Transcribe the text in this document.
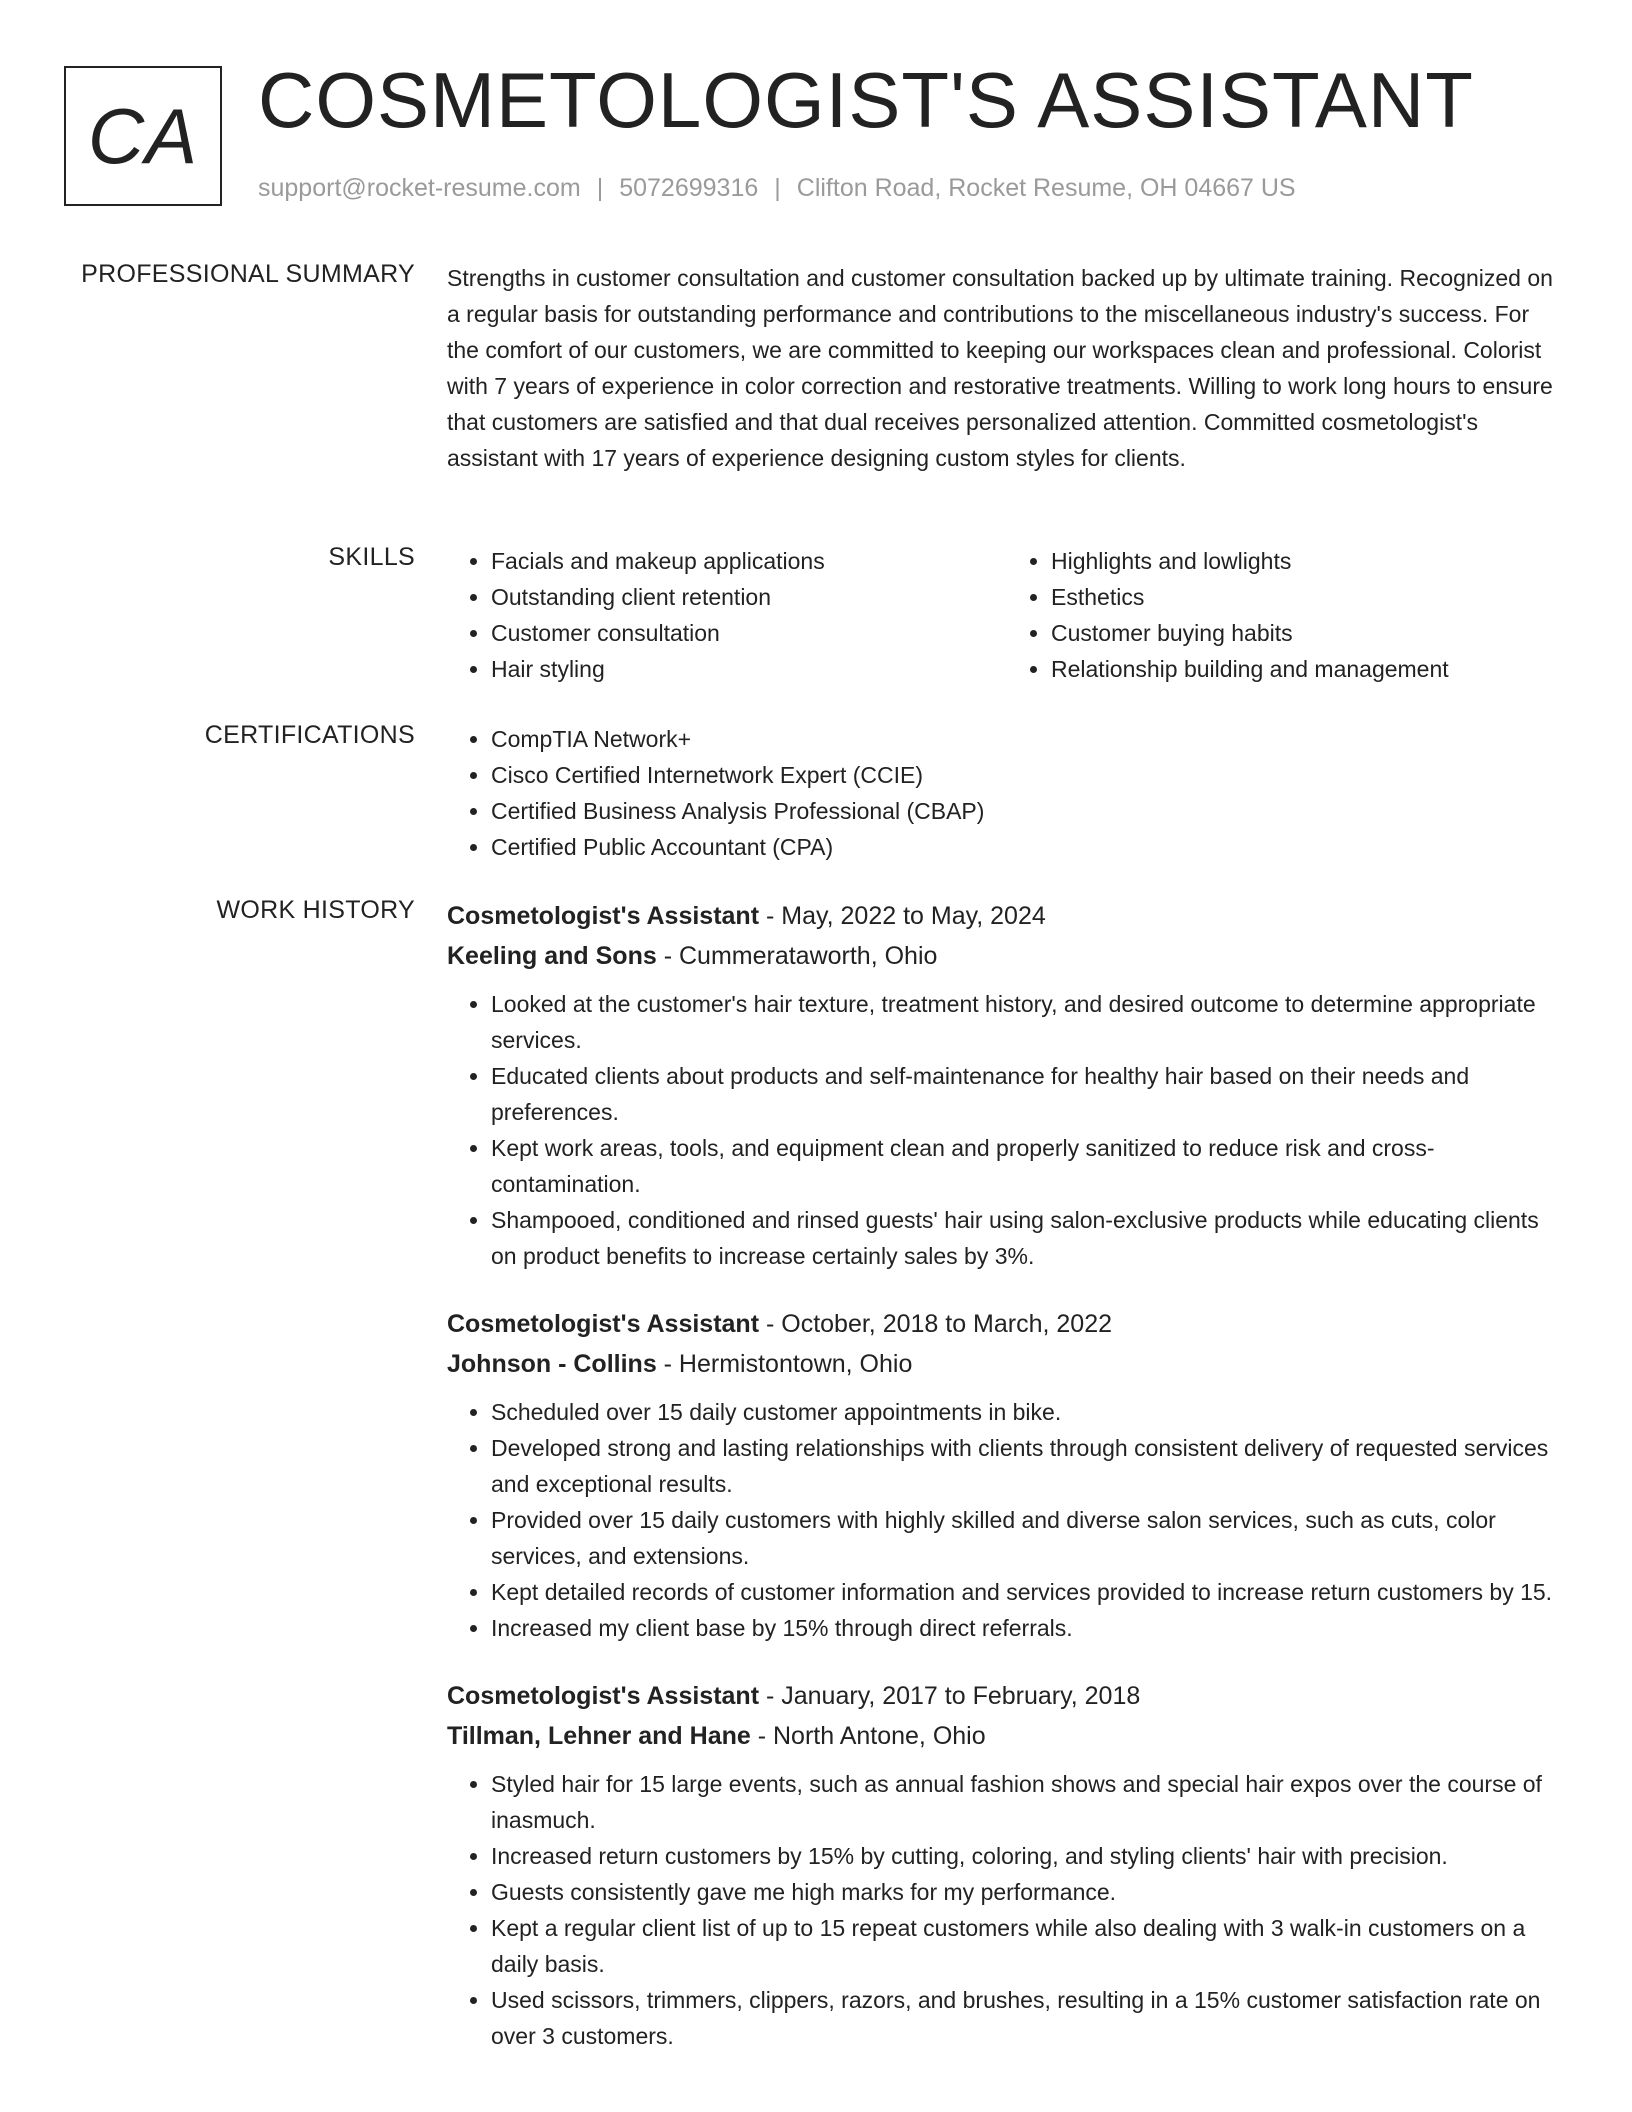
CA COSMETOLOGIST'S ASSISTANT
support@rocket-resume.com | 5072699316 | Clifton Road, Rocket Resume, OH 04667 US
PROFESSIONAL SUMMARY Strengths in customer consultation and customer consultation backed up by ultimate training. Recognized on a regular basis for outstanding performance and contributions to the miscellaneous industry's success. For the comfort of our customers, we are committed to keeping our workspaces clean and professional. Colorist with 7 years of experience in color correction and restorative treatments. Willing to work long hours to ensure that customers are satisfied and that dual receives personalized attention. Committed cosmetologist's assistant with 17 years of experience designing custom styles for clients.

SKILLS	• Facials and makeup applications
• Outstanding client retention
• Customer consultation
• Hair styling
• Highlights and lowlights
• Esthetics
• Customer buying habits
• Relationship building and management
CERTIFICATIONS	• CompTIA Network+
• Cisco Certified Internetwork Expert (CCIE)
• Certified Business Analysis Professional (CBAP)
• Certified Public Accountant (CPA)
WORK HISTORY Cosmetologist's Assistant - May, 2022 to May, 2024
Keeling and Sons - Cummerataworth, Ohio
• Looked at the customer's hair texture, treatment history, and desired outcome to determine appropriate services.
• Educated clients about products and self-maintenance for healthy hair based on their needs and preferences.
• Kept work areas, tools, and equipment clean and properly sanitized to reduce risk and cross-contamination.
• Shampooed, conditioned and rinsed guests' hair using salon-exclusive products while educating clients on product benefits to increase certainly sales by 3%.
Cosmetologist's Assistant - October, 2018 to March, 2022
Johnson - Collins - Hermistontown, Ohio
• Scheduled over 15 daily customer appointments in bike.
• Developed strong and lasting relationships with clients through consistent delivery of requested services and exceptional results.
• Provided over 15 daily customers with highly skilled and diverse salon services, such as cuts, color services, and extensions.
• Kept detailed records of customer information and services provided to increase return customers by 15.
• Increased my client base by 15% through direct referrals.
Cosmetologist's Assistant - January, 2017 to February, 2018
Tillman, Lehner and Hane - North Antone, Ohio
• Styled hair for 15 large events, such as annual fashion shows and special hair expos over the course of inasmuch.
• Increased return customers by 15% by cutting, coloring, and styling clients' hair with precision.
• Guests consistently gave me high marks for my performance.
• Kept a regular client list of up to 15 repeat customers while also dealing with 3 walk-in customers on a daily basis.
• Used scissors, trimmers, clippers, razors, and brushes, resulting in a 15% customer satisfaction rate on over 3 customers.
